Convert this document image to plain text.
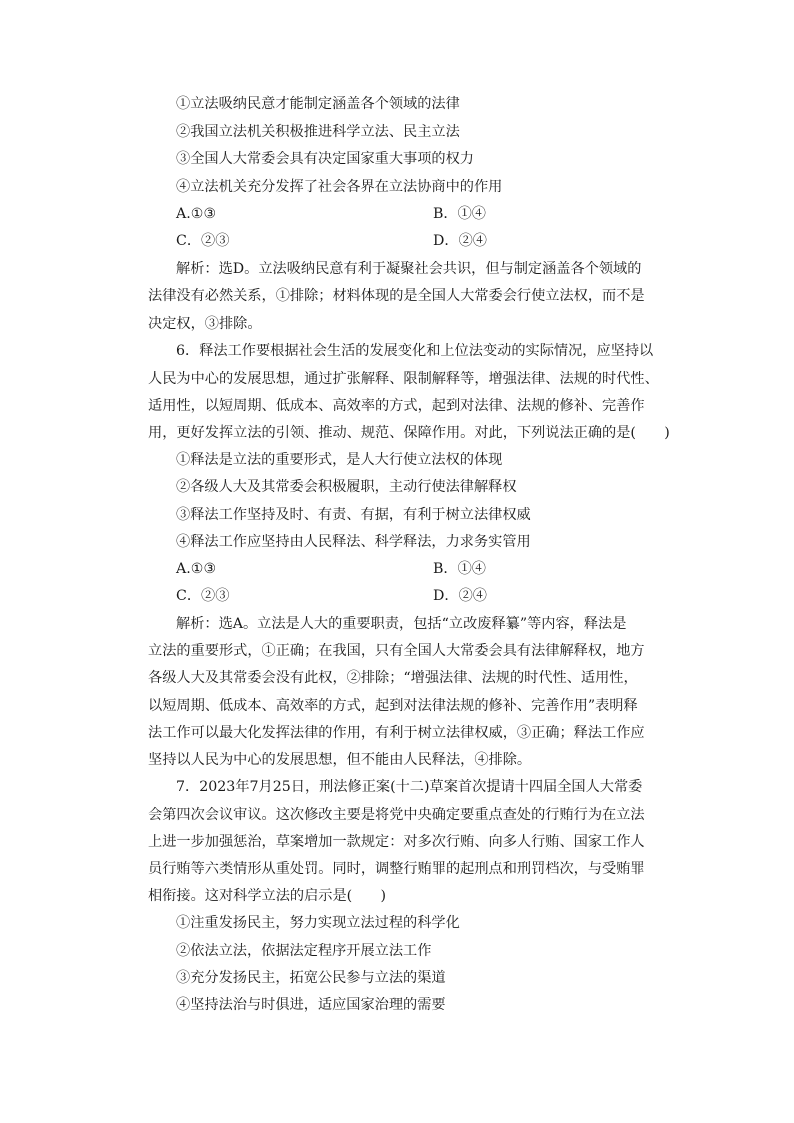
①立法吸纳民意才能制定涵盖各个领域的法律
②我国立法机关积极推进科学立法、民主立法
③全国人大常委会具有决定国家重大事项的权力
④立法机关充分发挥了社会各界在立法协商中的作用
A.①③	B．①④
C．②③	D．②④
解析：选D。立法吸纳民意有利于凝聚社会共识，但与制定涵盖各个领域的
法律没有必然关系，①排除；材料体现的是全国人大常委会行使立法权，而不是
决定权，③排除。
6．释法工作要根据社会生活的发展变化和上位法变动的实际情况，应坚持以
人民为中心的发展思想，通过扩张解释、限制解释等，增强法律、法规的时代性、
适用性，以短周期、低成本、高效率的方式，起到对法律、法规的修补、完善作
用，更好发挥立法的引领、推动、规范、保障作用。对此，下列说法正确的是(　　)
①释法是立法的重要形式，是人大行使立法权的体现
②各级人大及其常委会积极履职，主动行使法律解释权
③释法工作坚持及时、有责、有据，有利于树立法律权威
④释法工作应坚持由人民释法、科学释法，力求务实管用
A.①③	B．①④
C．②③	D．②④
解析：选A。立法是人大的重要职责，包括“立改废释纂”等内容，释法是
立法的重要形式，①正确；在我国，只有全国人大常委会具有法律解释权，地方
各级人大及其常委会没有此权，②排除；“增强法律、法规的时代性、适用性，
以短周期、低成本、高效率的方式，起到对法律法规的修补、完善作用”表明释
法工作可以最大化发挥法律的作用，有利于树立法律权威，③正确；释法工作应
坚持以人民为中心的发展思想，但不能由人民释法，④排除。
7．2023年7月25日，刑法修正案(十二)草案首次提请十四届全国人大常委
会第四次会议审议。这次修改主要是将党中央确定要重点查处的行贿行为在立法
上进一步加强惩治，草案增加一款规定：对多次行贿、向多人行贿、国家工作人
员行贿等六类情形从重处罚。同时，调整行贿罪的起刑点和刑罚档次，与受贿罪
相衔接。这对科学立法的启示是(　　)
①注重发扬民主，努力实现立法过程的科学化
②依法立法，依据法定程序开展立法工作
③充分发扬民主，拓宽公民参与立法的渠道
④坚持法治与时俱进，适应国家治理的需要
